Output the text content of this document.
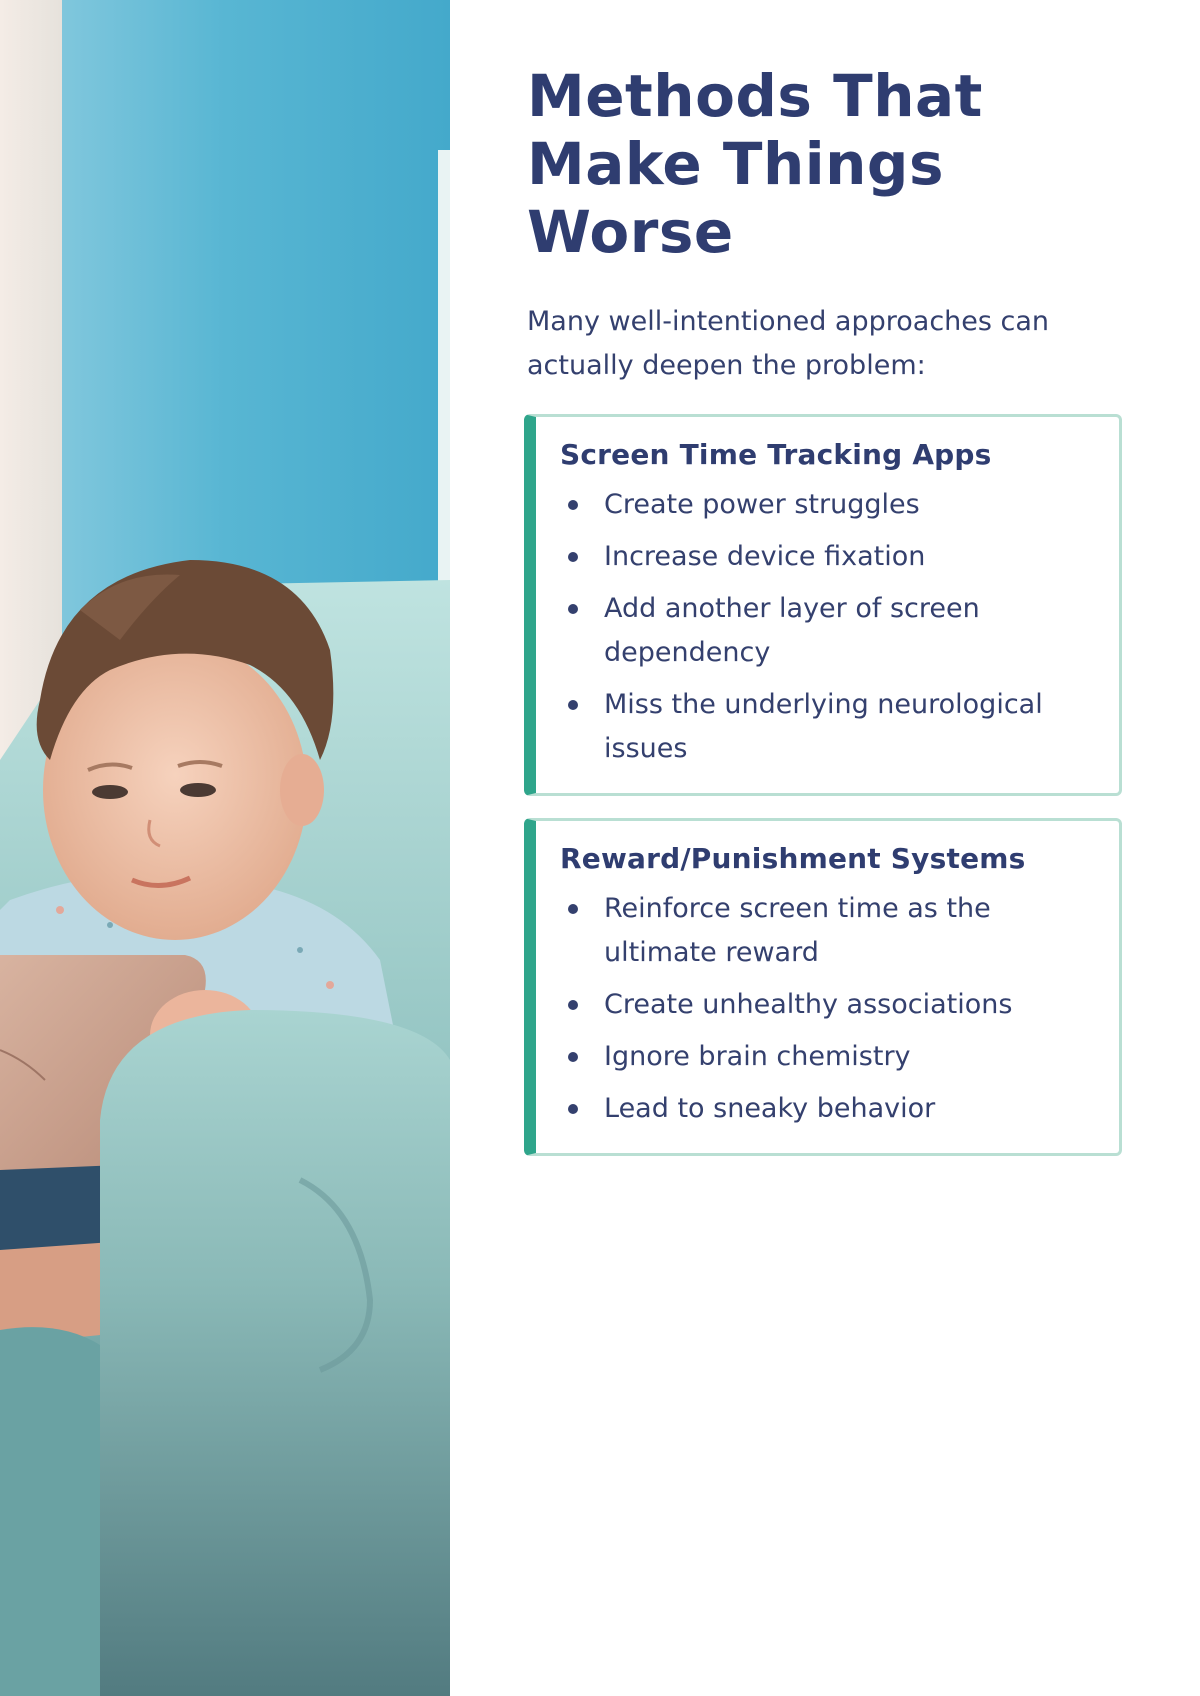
Methods That Make Things Worse

Many well-intentioned approaches can actually deepen the problem:

Screen Time Tracking Apps
Create power struggles
Increase device fixation
Add another layer of screen dependency
Miss the underlying neurological issues
Reward/Punishment Systems
Reinforce screen time as the ultimate reward
Create unhealthy associations
Ignore brain chemistry
Lead to sneaky behavior
